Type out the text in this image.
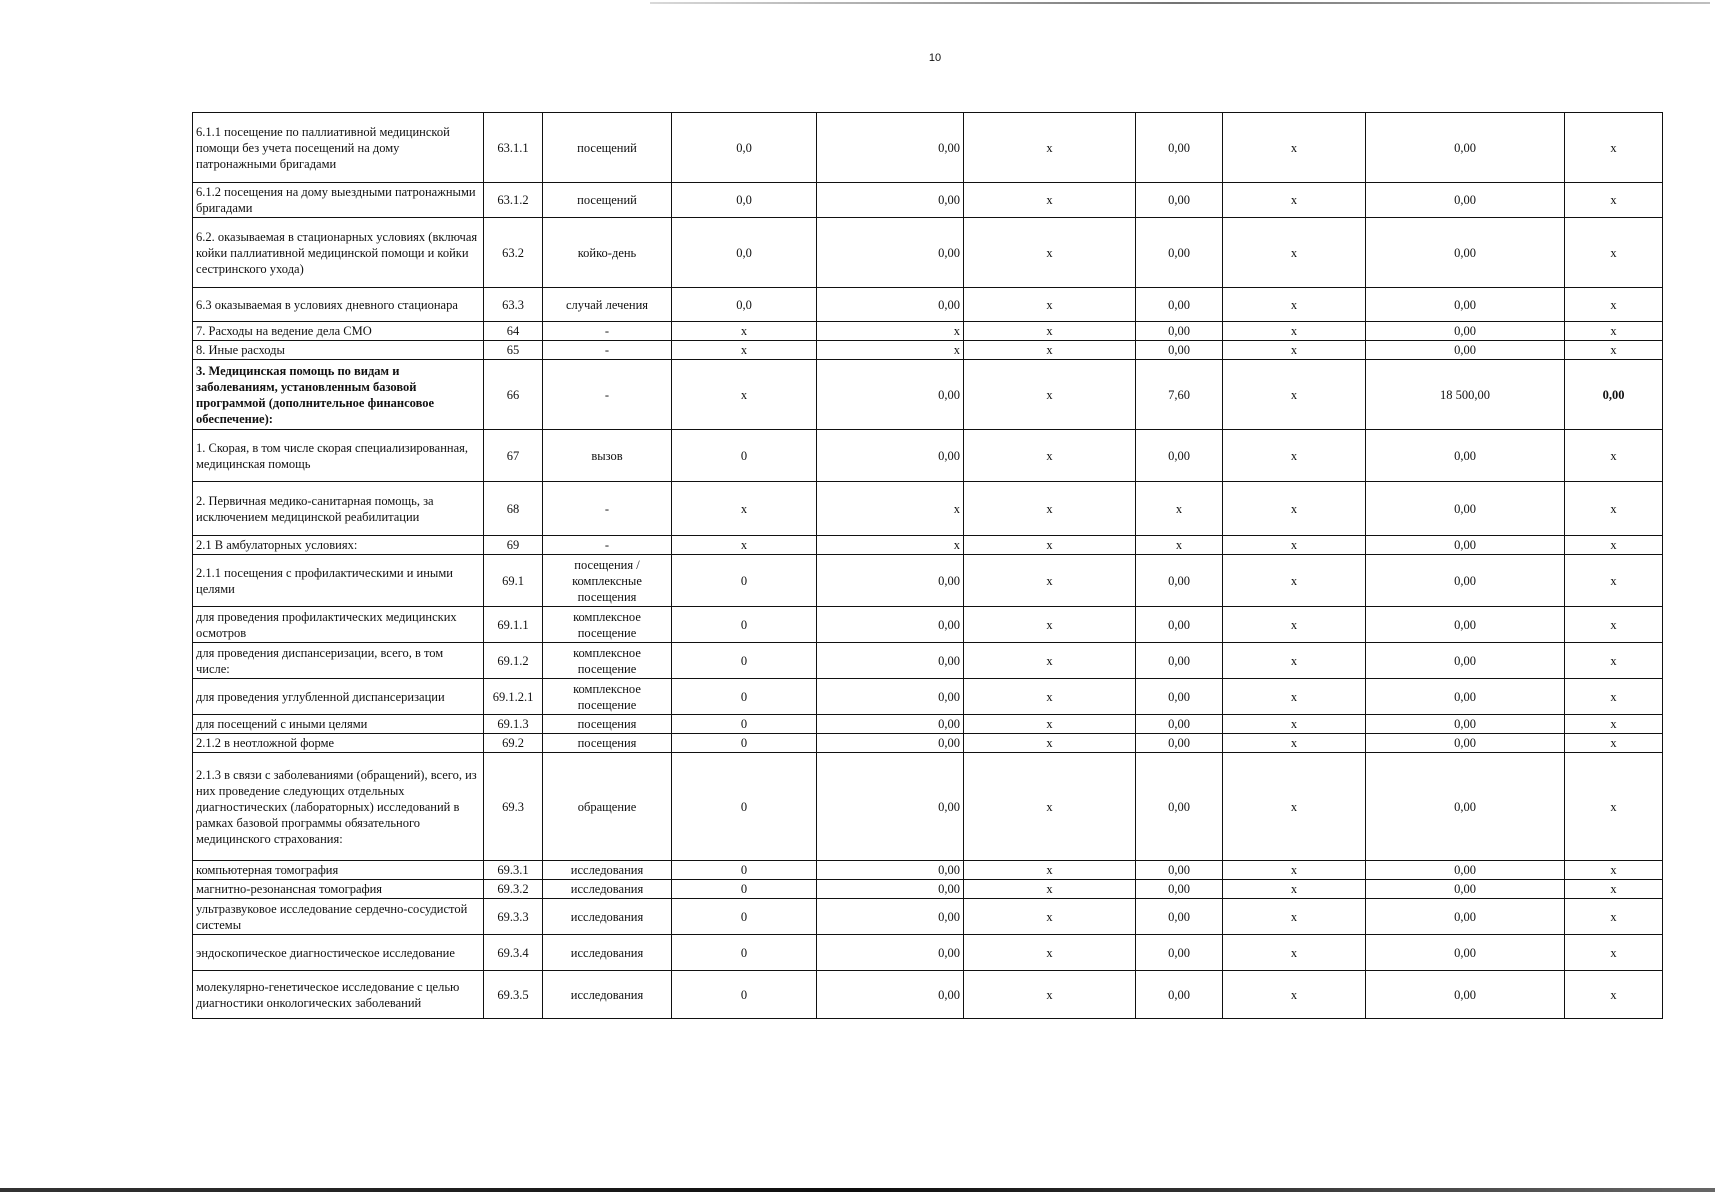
10
6.1.1 посещение по паллиативной медицинской помощи без учета посещений на дому патронажными бригадами	63.1.1	посещений	0,0	0,00	x	0,00	x	0,00	x
6.1.2 посещения на дому выездными патронажными бригадами	63.1.2	посещений	0,0	0,00	x	0,00	x	0,00	x
6.2. оказываемая в стационарных условиях (включая койки паллиативной медицинской помощи и койки сестринского ухода)	63.2	койко-день	0,0	0,00	x	0,00	x	0,00	x
6.3 оказываемая в условиях дневного стационара	63.3	случай лечения	0,0	0,00	x	0,00	x	0,00	x
7. Расходы на ведение дела СМО	64	-	x	x	x	0,00	x	0,00	x
8. Иные расходы	65	-	x	x	x	0,00	x	0,00	x
3. Медицинская помощь по видам и заболеваниям, установленным базовой программой (дополнительное финансовое обеспечение):	66	-	x	0,00	x	7,60	x	18 500,00	0,00
1. Скорая, в том числе скорая специализированная, медицинская помощь	67	вызов	0	0,00	x	0,00	x	0,00	x
2. Первичная медико-санитарная помощь, за исключением медицинской реабилитации	68	-	x	x	x	x	x	0,00	x
2.1 В амбулаторных условиях:	69	-	x	x	x	x	x	0,00	x
2.1.1 посещения с профилактическими и иными целями	69.1	посещения / комплексные посещения	0	0,00	x	0,00	x	0,00	x
для проведения профилактических медицинских осмотров	69.1.1	комплексное посещение	0	0,00	x	0,00	x	0,00	x
для проведения диспансеризации, всего, в том числе:	69.1.2	комплексное посещение	0	0,00	x	0,00	x	0,00	x
для проведения углубленной диспансеризации	69.1.2.1	комплексное посещение	0	0,00	x	0,00	x	0,00	x
для посещений с иными целями	69.1.3	посещения	0	0,00	x	0,00	x	0,00	x
2.1.2 в неотложной форме	69.2	посещения	0	0,00	x	0,00	x	0,00	x
2.1.3 в связи с заболеваниями (обращений), всего, из них проведение следующих отдельных диагностических (лабораторных) исследований в рамках базовой программы обязательного медицинского страхования:	69.3	обращение	0	0,00	x	0,00	x	0,00	x
компьютерная томография	69.3.1	исследования	0	0,00	x	0,00	x	0,00	x
магнитно-резонансная томография	69.3.2	исследования	0	0,00	x	0,00	x	0,00	x
ультразвуковое исследование сердечно-сосудистой системы	69.3.3	исследования	0	0,00	x	0,00	x	0,00	x
эндоскопическое диагностическое исследование	69.3.4	исследования	0	0,00	x	0,00	x	0,00	x
молекулярно-генетическое исследование с целью диагностики онкологических заболеваний	69.3.5	исследования	0	0,00	x	0,00	x	0,00	x
